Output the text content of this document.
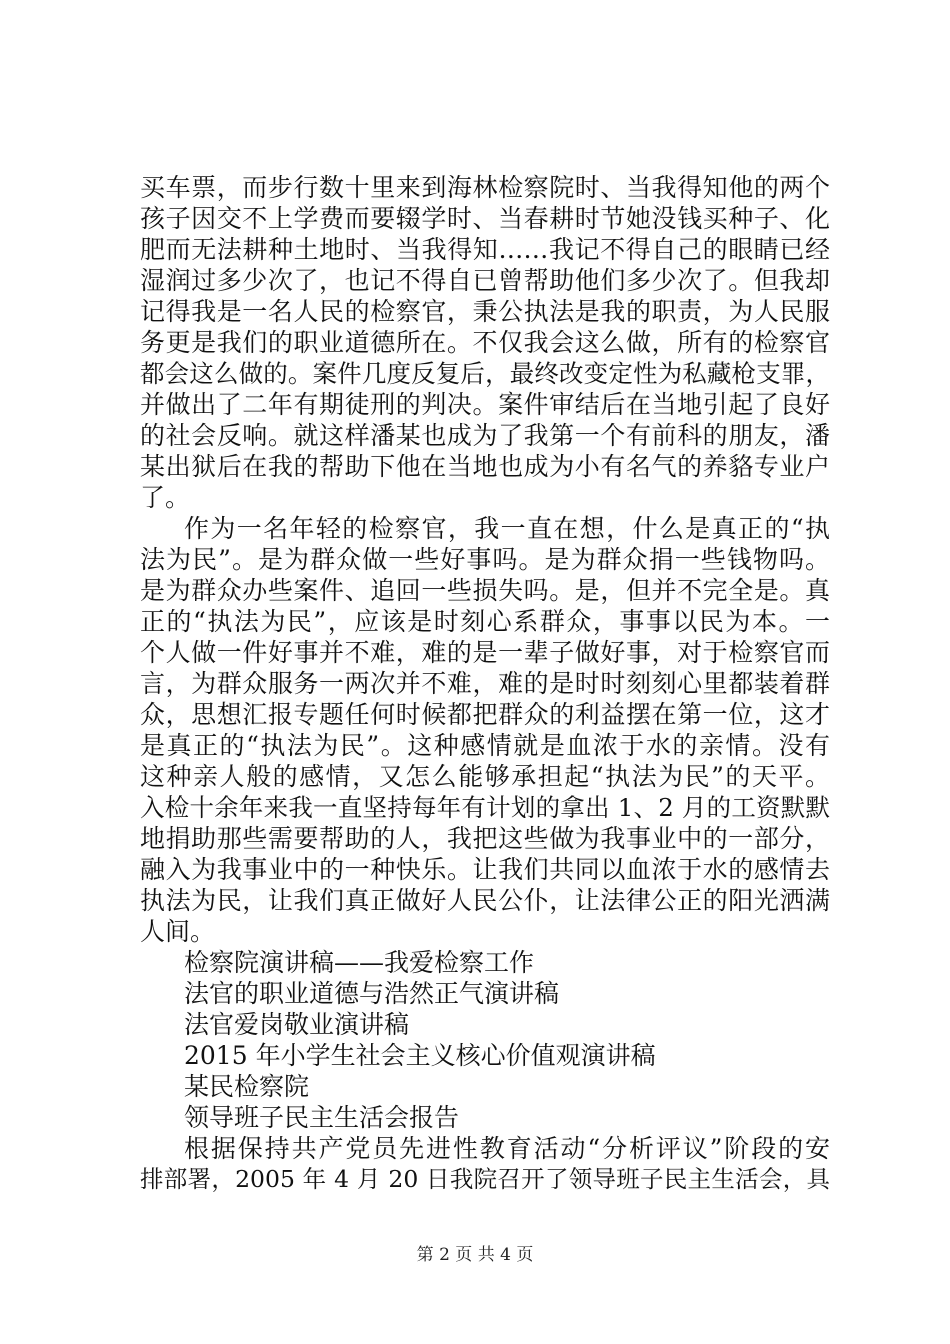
买车票，而步行数十里来到海林检察院时、当我得知他的两个
孩子因交不上学费而要辍学时、当春耕时节她没钱买种子、化
肥而无法耕种土地时、当我得知……我记不得自己的眼睛已经
湿润过多少次了，也记不得自已曾帮助他们多少次了。但我却
记得我是一名人民的检察官，秉公执法是我的职责，为人民服
务更是我们的职业道德所在。不仅我会这么做，所有的检察官
都会这么做的。案件几度反复后，最终改变定性为私藏枪支罪，
并做出了二年有期徒刑的判决。案件审结后在当地引起了良好
的社会反响。就这样潘某也成为了我第一个有前科的朋友，潘
某出狱后在我的帮助下他在当地也成为小有名气的养貉专业户
了。
作为一名年轻的检察官，我一直在想，什么是真正的“执
法为民”。是为群众做一些好事吗。是为群众捐一些钱物吗。
是为群众办些案件、追回一些损失吗。是，但并不完全是。真
正的“执法为民”，应该是时刻心系群众，事事以民为本。一
个人做一件好事并不难，难的是一辈子做好事，对于检察官而
言，为群众服务一两次并不难，难的是时时刻刻心里都装着群
众，思想汇报专题任何时候都把群众的利益摆在第一位，这才
是真正的“执法为民”。这种感情就是血浓于水的亲情。没有
这种亲人般的感情，又怎么能够承担起“执法为民”的天平。
入检十余年来我一直坚持每年有计划的拿出 1、2 月的工资默默
地捐助那些需要帮助的人，我把这些做为我事业中的一部分，
融入为我事业中的一种快乐。让我们共同以血浓于水的感情去
执法为民，让我们真正做好人民公仆，让法律公正的阳光洒满
人间。
检察院演讲稿——我爱检察工作
法官的职业道德与浩然正气演讲稿
法官爱岗敬业演讲稿
2015 年小学生社会主义核心价值观演讲稿
某民检察院
领导班子民主生活会报告
根据保持共产党员先进性教育活动“分析评议”阶段的安
排部署，2005 年 4 月 20 日我院召开了领导班子民主生活会，具
第 2 页 共 4 页
